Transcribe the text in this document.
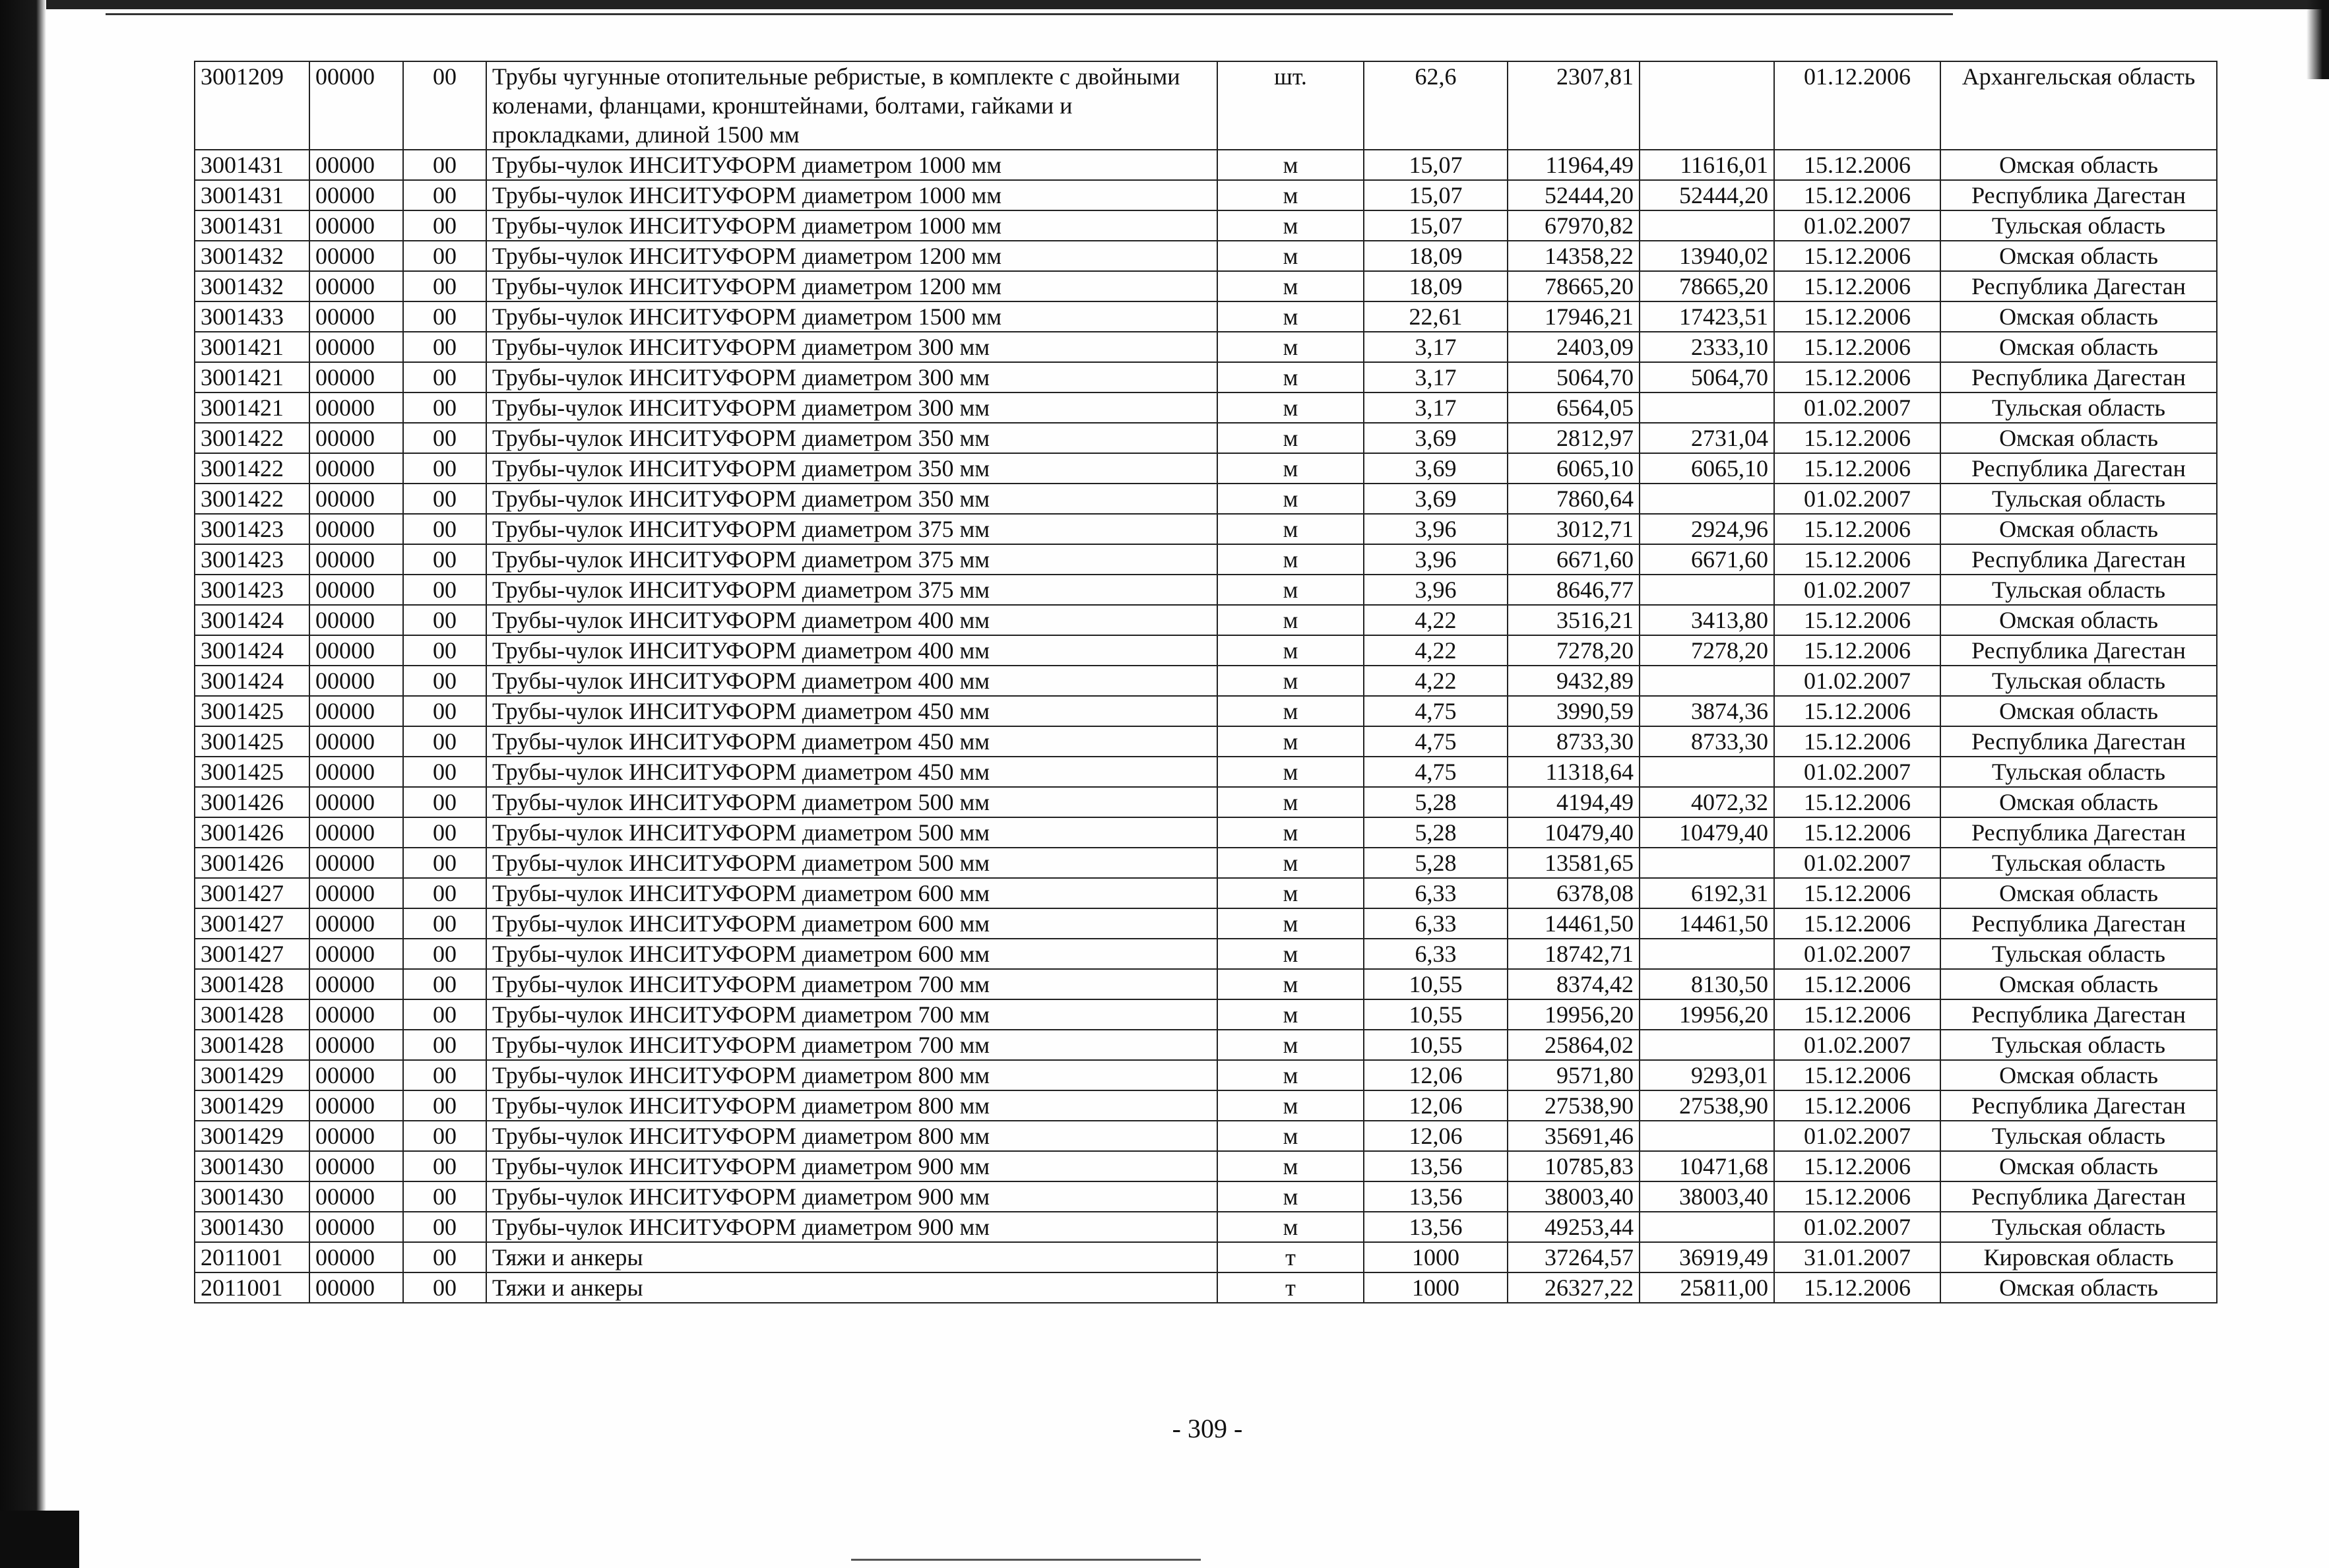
3001209	00000	00	Трубы чугунные отопительные ребристые, в комплекте с двойными коленами, фланцами, кронштейнами, болтами, гайками и прокладками, длиной 1500 мм	шт.	62,6	2307,81		01.12.2006	Архангельская область
3001431	00000	00	Трубы-чулок ИНСИТУФОРМ диаметром 1000 мм	м	15,07	11964,49	11616,01	15.12.2006	Омская область
3001431	00000	00	Трубы-чулок ИНСИТУФОРМ диаметром 1000 мм	м	15,07	52444,20	52444,20	15.12.2006	Республика Дагестан
3001431	00000	00	Трубы-чулок ИНСИТУФОРМ диаметром 1000 мм	м	15,07	67970,82		01.02.2007	Тульская область
3001432	00000	00	Трубы-чулок ИНСИТУФОРМ диаметром 1200 мм	м	18,09	14358,22	13940,02	15.12.2006	Омская область
3001432	00000	00	Трубы-чулок ИНСИТУФОРМ диаметром 1200 мм	м	18,09	78665,20	78665,20	15.12.2006	Республика Дагестан
3001433	00000	00	Трубы-чулок ИНСИТУФОРМ диаметром 1500 мм	м	22,61	17946,21	17423,51	15.12.2006	Омская область
3001421	00000	00	Трубы-чулок ИНСИТУФОРМ диаметром 300 мм	м	3,17	2403,09	2333,10	15.12.2006	Омская область
3001421	00000	00	Трубы-чулок ИНСИТУФОРМ диаметром 300 мм	м	3,17	5064,70	5064,70	15.12.2006	Республика Дагестан
3001421	00000	00	Трубы-чулок ИНСИТУФОРМ диаметром 300 мм	м	3,17	6564,05		01.02.2007	Тульская область
3001422	00000	00	Трубы-чулок ИНСИТУФОРМ диаметром 350 мм	м	3,69	2812,97	2731,04	15.12.2006	Омская область
3001422	00000	00	Трубы-чулок ИНСИТУФОРМ диаметром 350 мм	м	3,69	6065,10	6065,10	15.12.2006	Республика Дагестан
3001422	00000	00	Трубы-чулок ИНСИТУФОРМ диаметром 350 мм	м	3,69	7860,64		01.02.2007	Тульская область
3001423	00000	00	Трубы-чулок ИНСИТУФОРМ диаметром 375 мм	м	3,96	3012,71	2924,96	15.12.2006	Омская область
3001423	00000	00	Трубы-чулок ИНСИТУФОРМ диаметром 375 мм	м	3,96	6671,60	6671,60	15.12.2006	Республика Дагестан
3001423	00000	00	Трубы-чулок ИНСИТУФОРМ диаметром 375 мм	м	3,96	8646,77		01.02.2007	Тульская область
3001424	00000	00	Трубы-чулок ИНСИТУФОРМ диаметром 400 мм	м	4,22	3516,21	3413,80	15.12.2006	Омская область
3001424	00000	00	Трубы-чулок ИНСИТУФОРМ диаметром 400 мм	м	4,22	7278,20	7278,20	15.12.2006	Республика Дагестан
3001424	00000	00	Трубы-чулок ИНСИТУФОРМ диаметром 400 мм	м	4,22	9432,89		01.02.2007	Тульская область
3001425	00000	00	Трубы-чулок ИНСИТУФОРМ диаметром 450 мм	м	4,75	3990,59	3874,36	15.12.2006	Омская область
3001425	00000	00	Трубы-чулок ИНСИТУФОРМ диаметром 450 мм	м	4,75	8733,30	8733,30	15.12.2006	Республика Дагестан
3001425	00000	00	Трубы-чулок ИНСИТУФОРМ диаметром 450 мм	м	4,75	11318,64		01.02.2007	Тульская область
3001426	00000	00	Трубы-чулок ИНСИТУФОРМ диаметром 500 мм	м	5,28	4194,49	4072,32	15.12.2006	Омская область
3001426	00000	00	Трубы-чулок ИНСИТУФОРМ диаметром 500 мм	м	5,28	10479,40	10479,40	15.12.2006	Республика Дагестан
3001426	00000	00	Трубы-чулок ИНСИТУФОРМ диаметром 500 мм	м	5,28	13581,65		01.02.2007	Тульская область
3001427	00000	00	Трубы-чулок ИНСИТУФОРМ диаметром 600 мм	м	6,33	6378,08	6192,31	15.12.2006	Омская область
3001427	00000	00	Трубы-чулок ИНСИТУФОРМ диаметром 600 мм	м	6,33	14461,50	14461,50	15.12.2006	Республика Дагестан
3001427	00000	00	Трубы-чулок ИНСИТУФОРМ диаметром 600 мм	м	6,33	18742,71		01.02.2007	Тульская область
3001428	00000	00	Трубы-чулок ИНСИТУФОРМ диаметром 700 мм	м	10,55	8374,42	8130,50	15.12.2006	Омская область
3001428	00000	00	Трубы-чулок ИНСИТУФОРМ диаметром 700 мм	м	10,55	19956,20	19956,20	15.12.2006	Республика Дагестан
3001428	00000	00	Трубы-чулок ИНСИТУФОРМ диаметром 700 мм	м	10,55	25864,02		01.02.2007	Тульская область
3001429	00000	00	Трубы-чулок ИНСИТУФОРМ диаметром 800 мм	м	12,06	9571,80	9293,01	15.12.2006	Омская область
3001429	00000	00	Трубы-чулок ИНСИТУФОРМ диаметром 800 мм	м	12,06	27538,90	27538,90	15.12.2006	Республика Дагестан
3001429	00000	00	Трубы-чулок ИНСИТУФОРМ диаметром 800 мм	м	12,06	35691,46		01.02.2007	Тульская область
3001430	00000	00	Трубы-чулок ИНСИТУФОРМ диаметром 900 мм	м	13,56	10785,83	10471,68	15.12.2006	Омская область
3001430	00000	00	Трубы-чулок ИНСИТУФОРМ диаметром 900 мм	м	13,56	38003,40	38003,40	15.12.2006	Республика Дагестан
3001430	00000	00	Трубы-чулок ИНСИТУФОРМ диаметром 900 мм	м	13,56	49253,44		01.02.2007	Тульская область
2011001	00000	00	Тяжи и анкеры	т	1000	37264,57	36919,49	31.01.2007	Кировская область
2011001	00000	00	Тяжи и анкеры	т	1000	26327,22	25811,00	15.12.2006	Омская область
- 309 -
